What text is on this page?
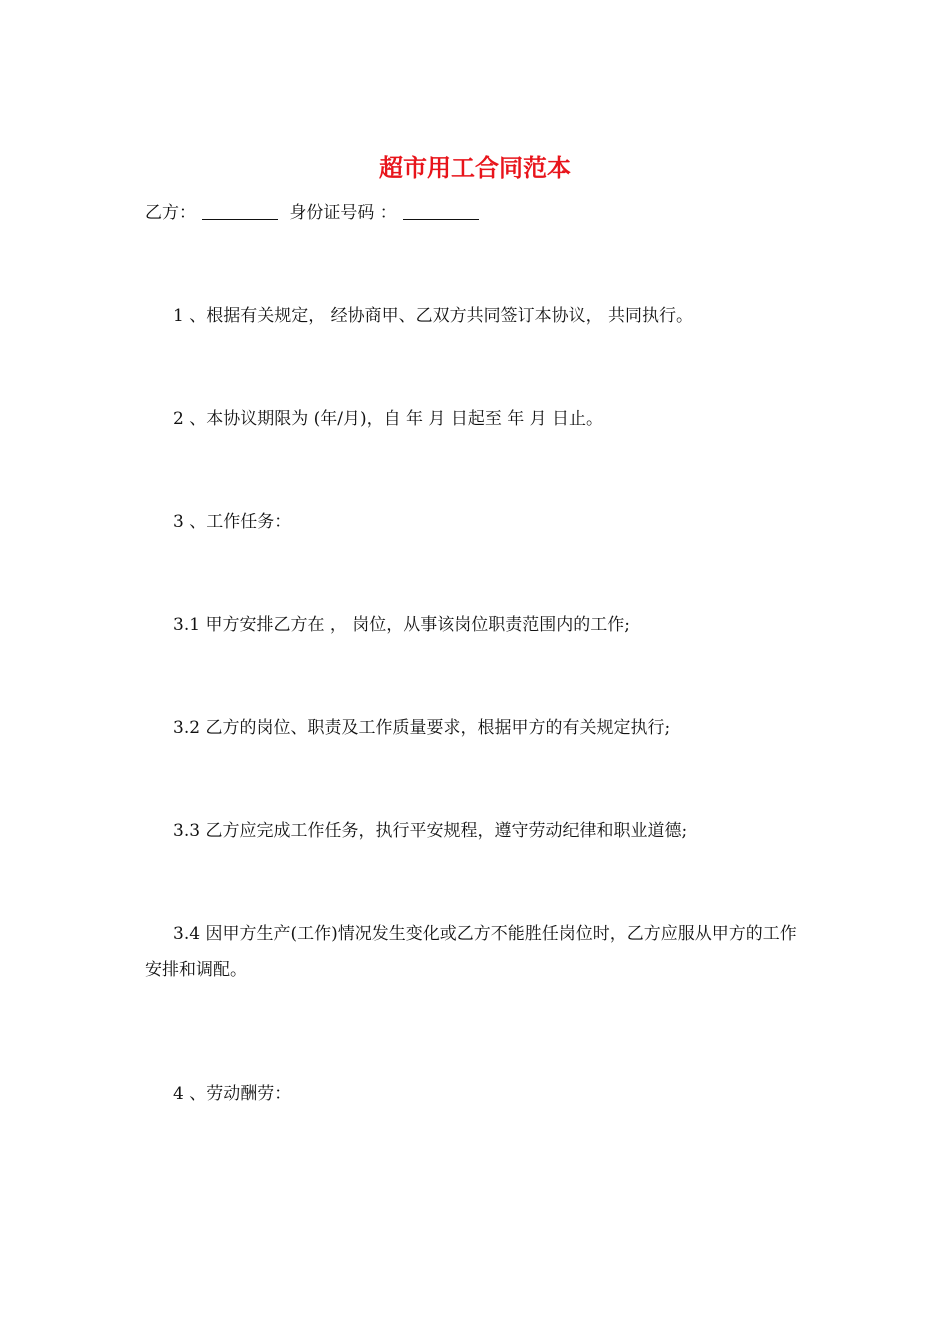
超市用工合同范本
乙方：	身份证号码 ：
1 、根据有关规定， 经协商甲、乙双方共同签订本协议， 共同执行。
2 、本协议期限为 (年/月)，自 年 月 日起至 年 月 日止。
3 、工作任务：
3.1 甲方安排乙方在 ， 岗位，从事该岗位职责范围内的工作;
3.2 乙方的岗位、职责及工作质量要求，根据甲方的有关规定执行;
3.3 乙方应完成工作任务，执行平安规程，遵守劳动纪律和职业道德;
3.4 因甲方生产(工作)情况发生变化或乙方不能胜任岗位时，乙方应服从甲方的工作安排和调配。
4 、劳动酬劳：
